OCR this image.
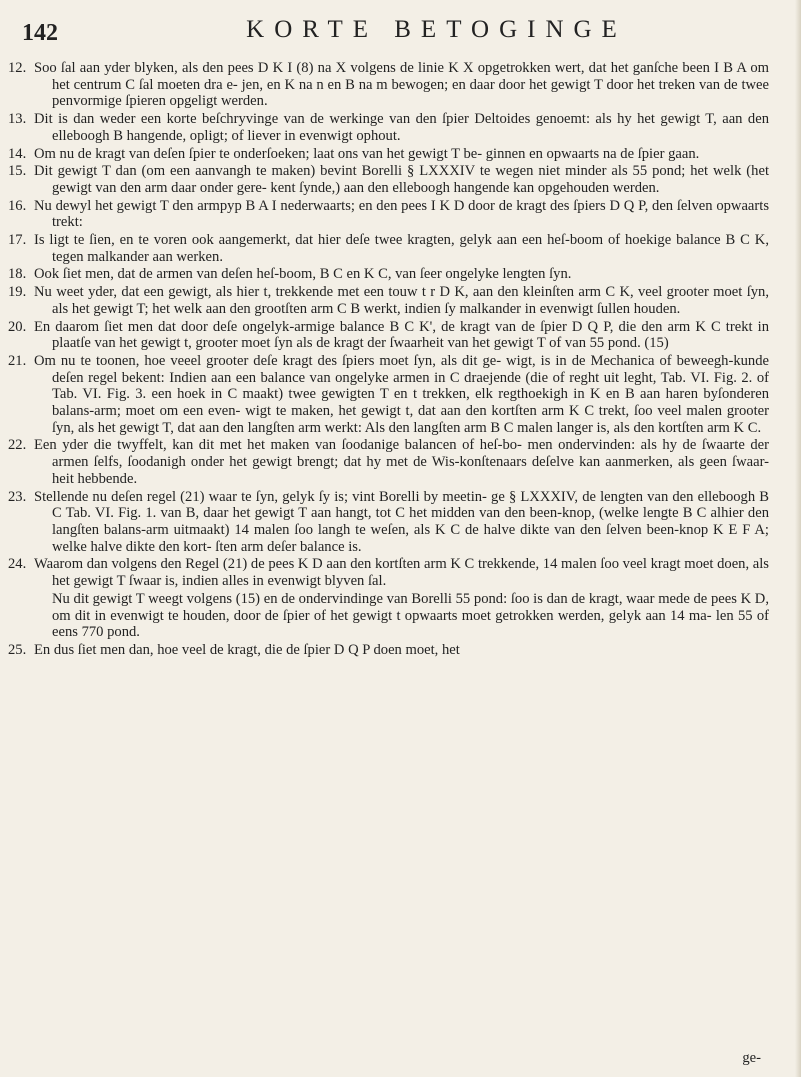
142	KORTE BETOGINGE

12. Soo ſal aan yder blyken, als den pees D K I (8) na X volgens de linie K X opgetrokken wert, dat het ganſche been I B A om het centrum C ſal moeten dra e- jen, en K na n en B na m bewogen; en daar door het gewigt T door het treken van de twee penvormige ſpieren opgeligt werden.

13. Dit is dan weder een korte beſchryvinge van de werkinge van den ſpier Deltoides genoemt: als hy het gewigt T, aan den elleboogh B hangende, opligt; of liever in evenwigt ophout.

14. Om nu de kragt van deſen ſpier te onderſoeken; laat ons van het gewigt T be- ginnen en opwaarts na de ſpier gaan.

15. Dit gewigt T dan (om een aanvangh te maken) bevint Borelli § LXXXIV te wegen niet minder als 55 pond; het welk (het gewigt van den arm daar onder gere- kent ſynde,) aan den elleboogh hangende kan opgehouden werden.

16. Nu dewyl het gewigt T den armpyp B A I nederwaarts; en den pees I K D door de kragt des ſpiers D Q P, den ſelven opwaarts trekt:

17. Is ligt te ſien, en te voren ook aangemerkt, dat hier deſe twee kragten, gelyk aan een heſ-boom of hoekige balance B C K, tegen malkander aan werken.

18. Ook ſiet men, dat de armen van deſen heſ-boom, B C en K C, van ſeer ongelyke lengten ſyn.

19. Nu weet yder, dat een gewigt, als hier t, trekkende met een touw t r D K, aan den kleinſten arm C K, veel grooter moet ſyn, als het gewigt T; het welk aan den grootſten arm C B werkt, indien ſy malkander in evenwigt ſullen houden.

20. En daarom ſiet men dat door deſe ongelyk-armige balance B C K', de kragt van de ſpier D Q P, die den arm K C trekt in plaatſe van het gewigt t, grooter moet ſyn als de kragt der ſwaarheit van het gewigt T of van 55 pond. (15)

21. Om nu te toonen, hoe veeel grooter deſe kragt des ſpiers moet ſyn, als dit ge- wigt, is in de Mechanica of beweegh-kunde deſen regel bekent: Indien aan een balance van ongelyke armen in C draejende (die of reght uit leght, Tab. VI. Fig. 2. of Tab. VI. Fig. 3. een hoek in C maakt) twee gewigten T en t trekken, elk regthoekigh in K en B aan haren byſonderen balans-arm; moet om een even- wigt te maken, het gewigt t, dat aan den kortſten arm K C trekt, ſoo veel malen grooter ſyn, als het gewigt T, dat aan den langſten arm werkt: Als den langſten arm B C malen langer is, als den kortſten arm K C.

22. Een yder die twyffelt, kan dit met het maken van ſoodanige balancen of heſ-bo- men ondervinden: als hy de ſwaarte der armen ſelfs, ſoodanigh onder het gewigt brengt; dat hy met de Wis-konſtenaars deſelve kan aanmerken, als geen ſwaar- heit hebbende.

23. Stellende nu deſen regel (21) waar te ſyn, gelyk ſy is; vint Borelli by meetin- ge § LXXXIV, de lengten van den elleboogh B C Tab. VI. Fig. 1. van B, daar het gewigt T aan hangt, tot C het midden van den been-knop, (welke lengte B C alhier den langſten balans-arm uitmaakt) 14 malen ſoo langh te weſen, als K C de halve dikte van den ſelven been-knop K E F A; welke halve dikte den kort- ſten arm deſer balance is.

24. Waarom dan volgens den Regel (21) de pees K D aan den kortſten arm K C trekkende, 14 malen ſoo veel kragt moet doen, als het gewigt T ſwaar is, indien alles in evenwigt blyven ſal.

Nu dit gewigt T weegt volgens (15) en de ondervindinge van Borelli 55 pond: ſoo is dan de kragt, waar mede de pees K D, om dit in evenwigt te houden, door de ſpier of het gewigt t opwaarts moet getrokken werden, gelyk aan 14 ma- len 55 of eens 770 pond.

25. En dus ſiet men dan, hoe veel de kragt, die de ſpier D Q P doen moet, het

ge-
